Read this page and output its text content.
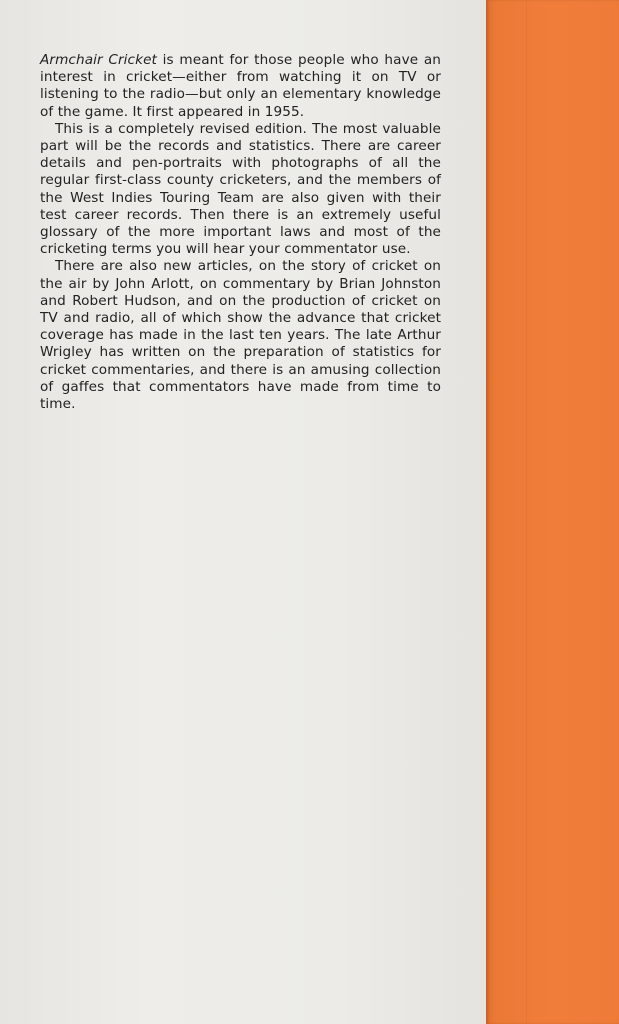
Armchair Cricket is meant for those people who have an interest in cricket—either from watching it on TV or listening to the radio—but only an elementary knowledge of the game. It first appeared in 1955.

This is a completely revised edition. The most valuable part will be the records and statistics. There are career details and pen-portraits with photographs of all the regular first-class county cricketers, and the members of the West Indies Touring Team are also given with their test career records. Then there is an extremely useful glossary of the more important laws and most of the cricketing terms you will hear your commentator use.

There are also new articles, on the story of cricket on the air by John Arlott, on commentary by Brian Johnston and Robert Hudson, and on the production of cricket on TV and radio, all of which show the advance that cricket coverage has made in the last ten years. The late Arthur Wrigley has written on the preparation of statistics for cricket commentaries, and there is an amusing collection of gaffes that commentators have made from time to time.
